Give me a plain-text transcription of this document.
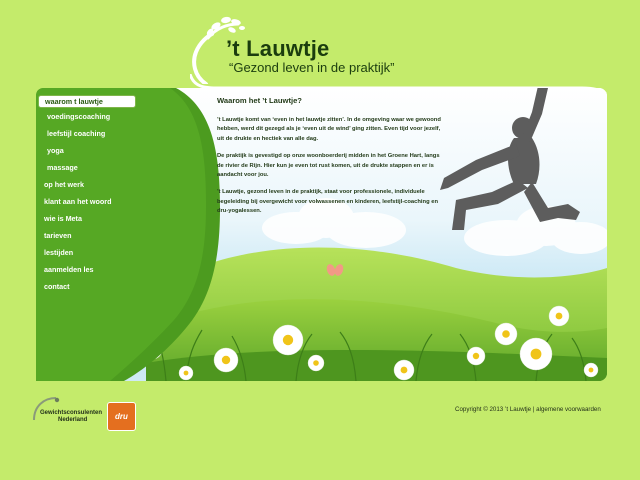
’t Lauwtje
“Gezond leven in de praktijk”
waarom t lauwtje
voedingscoaching
leefstijl coaching
yoga
massage
op het werk
klant aan het woord
wie is Meta
tarieven
lestijden
aanmelden les
contact
Waarom het ’t Lauwtje?

’t Lauwtje komt van ‘even in het lauwtje zitten’. In de omgeving waar we gewoond hebben, werd dit gezegd als je ‘even uit de wind’ ging zitten. Even tijd voor jezelf, uit de drukte en hectiek van alle dag.

De praktijk is gevestigd op onze woonboerderij midden in het Groene Hart, langs de rivier de Rijn. Hier kun je even tot rust komen, uit de drukte stappen en er is aandacht voor jou.

’t Lauwtje, gezond leven in de praktijk, staat voor professionele, individuele begeleiding bij overgewicht voor volwassenen en kinderen, leefstijl-coaching en dru-yogalessen.

Gewichtsconsulenten
Nederland	dru
Copyright © 2013 ’t Lauwtje | algemene voorwaarden
